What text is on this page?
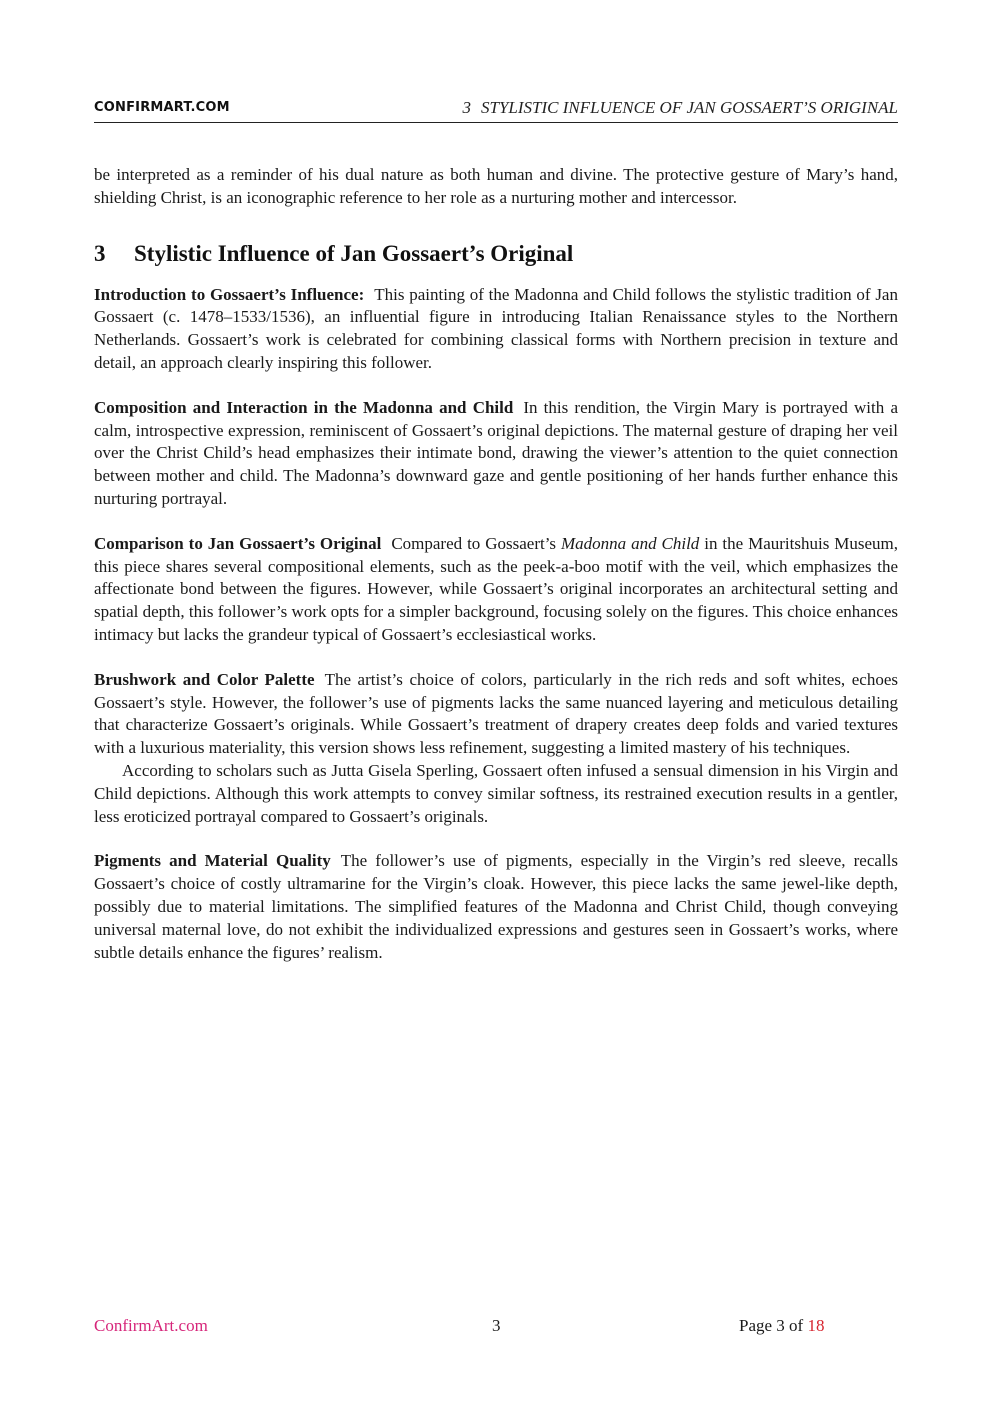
CONFIRMART.COM	3 STYLISTIC INFLUENCE OF JAN GOSSAERT’S ORIGINAL

be interpreted as a reminder of his dual nature as both human and divine. The protective gesture of Mary’s hand, shielding Christ, is an iconographic reference to her role as a nurturing mother and intercessor.

3 Stylistic Influence of Jan Gossaert’s Original

Introduction to Gossaert’s Influence: This painting of the Madonna and Child follows the stylistic tradition of Jan Gossaert (c. 1478–1533/1536), an influential figure in introducing Italian Renaissance styles to the Northern Netherlands. Gossaert’s work is celebrated for combining classical forms with Northern precision in texture and detail, an approach clearly inspiring this follower.

Composition and Interaction in the Madonna and Child In this rendition, the Virgin Mary is portrayed with a calm, introspective expression, reminiscent of Gossaert’s original depictions. The maternal gesture of draping her veil over the Christ Child’s head emphasizes their intimate bond, drawing the viewer’s attention to the quiet connection between mother and child. The Madonna’s downward gaze and gentle positioning of her hands further enhance this nurturing portrayal.

Comparison to Jan Gossaert’s Original Compared to Gossaert’s Madonna and Child in the Mauritshuis Museum, this piece shares several compositional elements, such as the peek-a-boo motif with the veil, which emphasizes the affectionate bond between the figures. However, while Gossaert’s original incorporates an architectural setting and spatial depth, this follower’s work opts for a simpler background, focusing solely on the figures. This choice enhances intimacy but lacks the grandeur typical of Gossaert’s ecclesiastical works.

Brushwork and Color Palette The artist’s choice of colors, particularly in the rich reds and soft whites, echoes Gossaert’s style. However, the follower’s use of pigments lacks the same nuanced layering and meticulous detailing that characterize Gossaert’s originals. While Gossaert’s treatment of drapery creates deep folds and varied textures with a luxurious materiality, this version shows less refinement, suggesting a limited mastery of his techniques.

According to scholars such as Jutta Gisela Sperling, Gossaert often infused a sensual dimension in his Virgin and Child depictions. Although this work attempts to convey similar softness, its restrained execution results in a gentler, less eroticized portrayal compared to Gossaert’s originals.

Pigments and Material Quality The follower’s use of pigments, especially in the Virgin’s red sleeve, recalls Gossaert’s choice of costly ultramarine for the Virgin’s cloak. However, this piece lacks the same jewel-like depth, possibly due to material limitations. The simplified features of the Madonna and Christ Child, though conveying universal maternal love, do not exhibit the individualized expressions and gestures seen in Gossaert’s works, where subtle details enhance the figures’ realism.

ConfirmArt.com	3	Page 3 of 18
